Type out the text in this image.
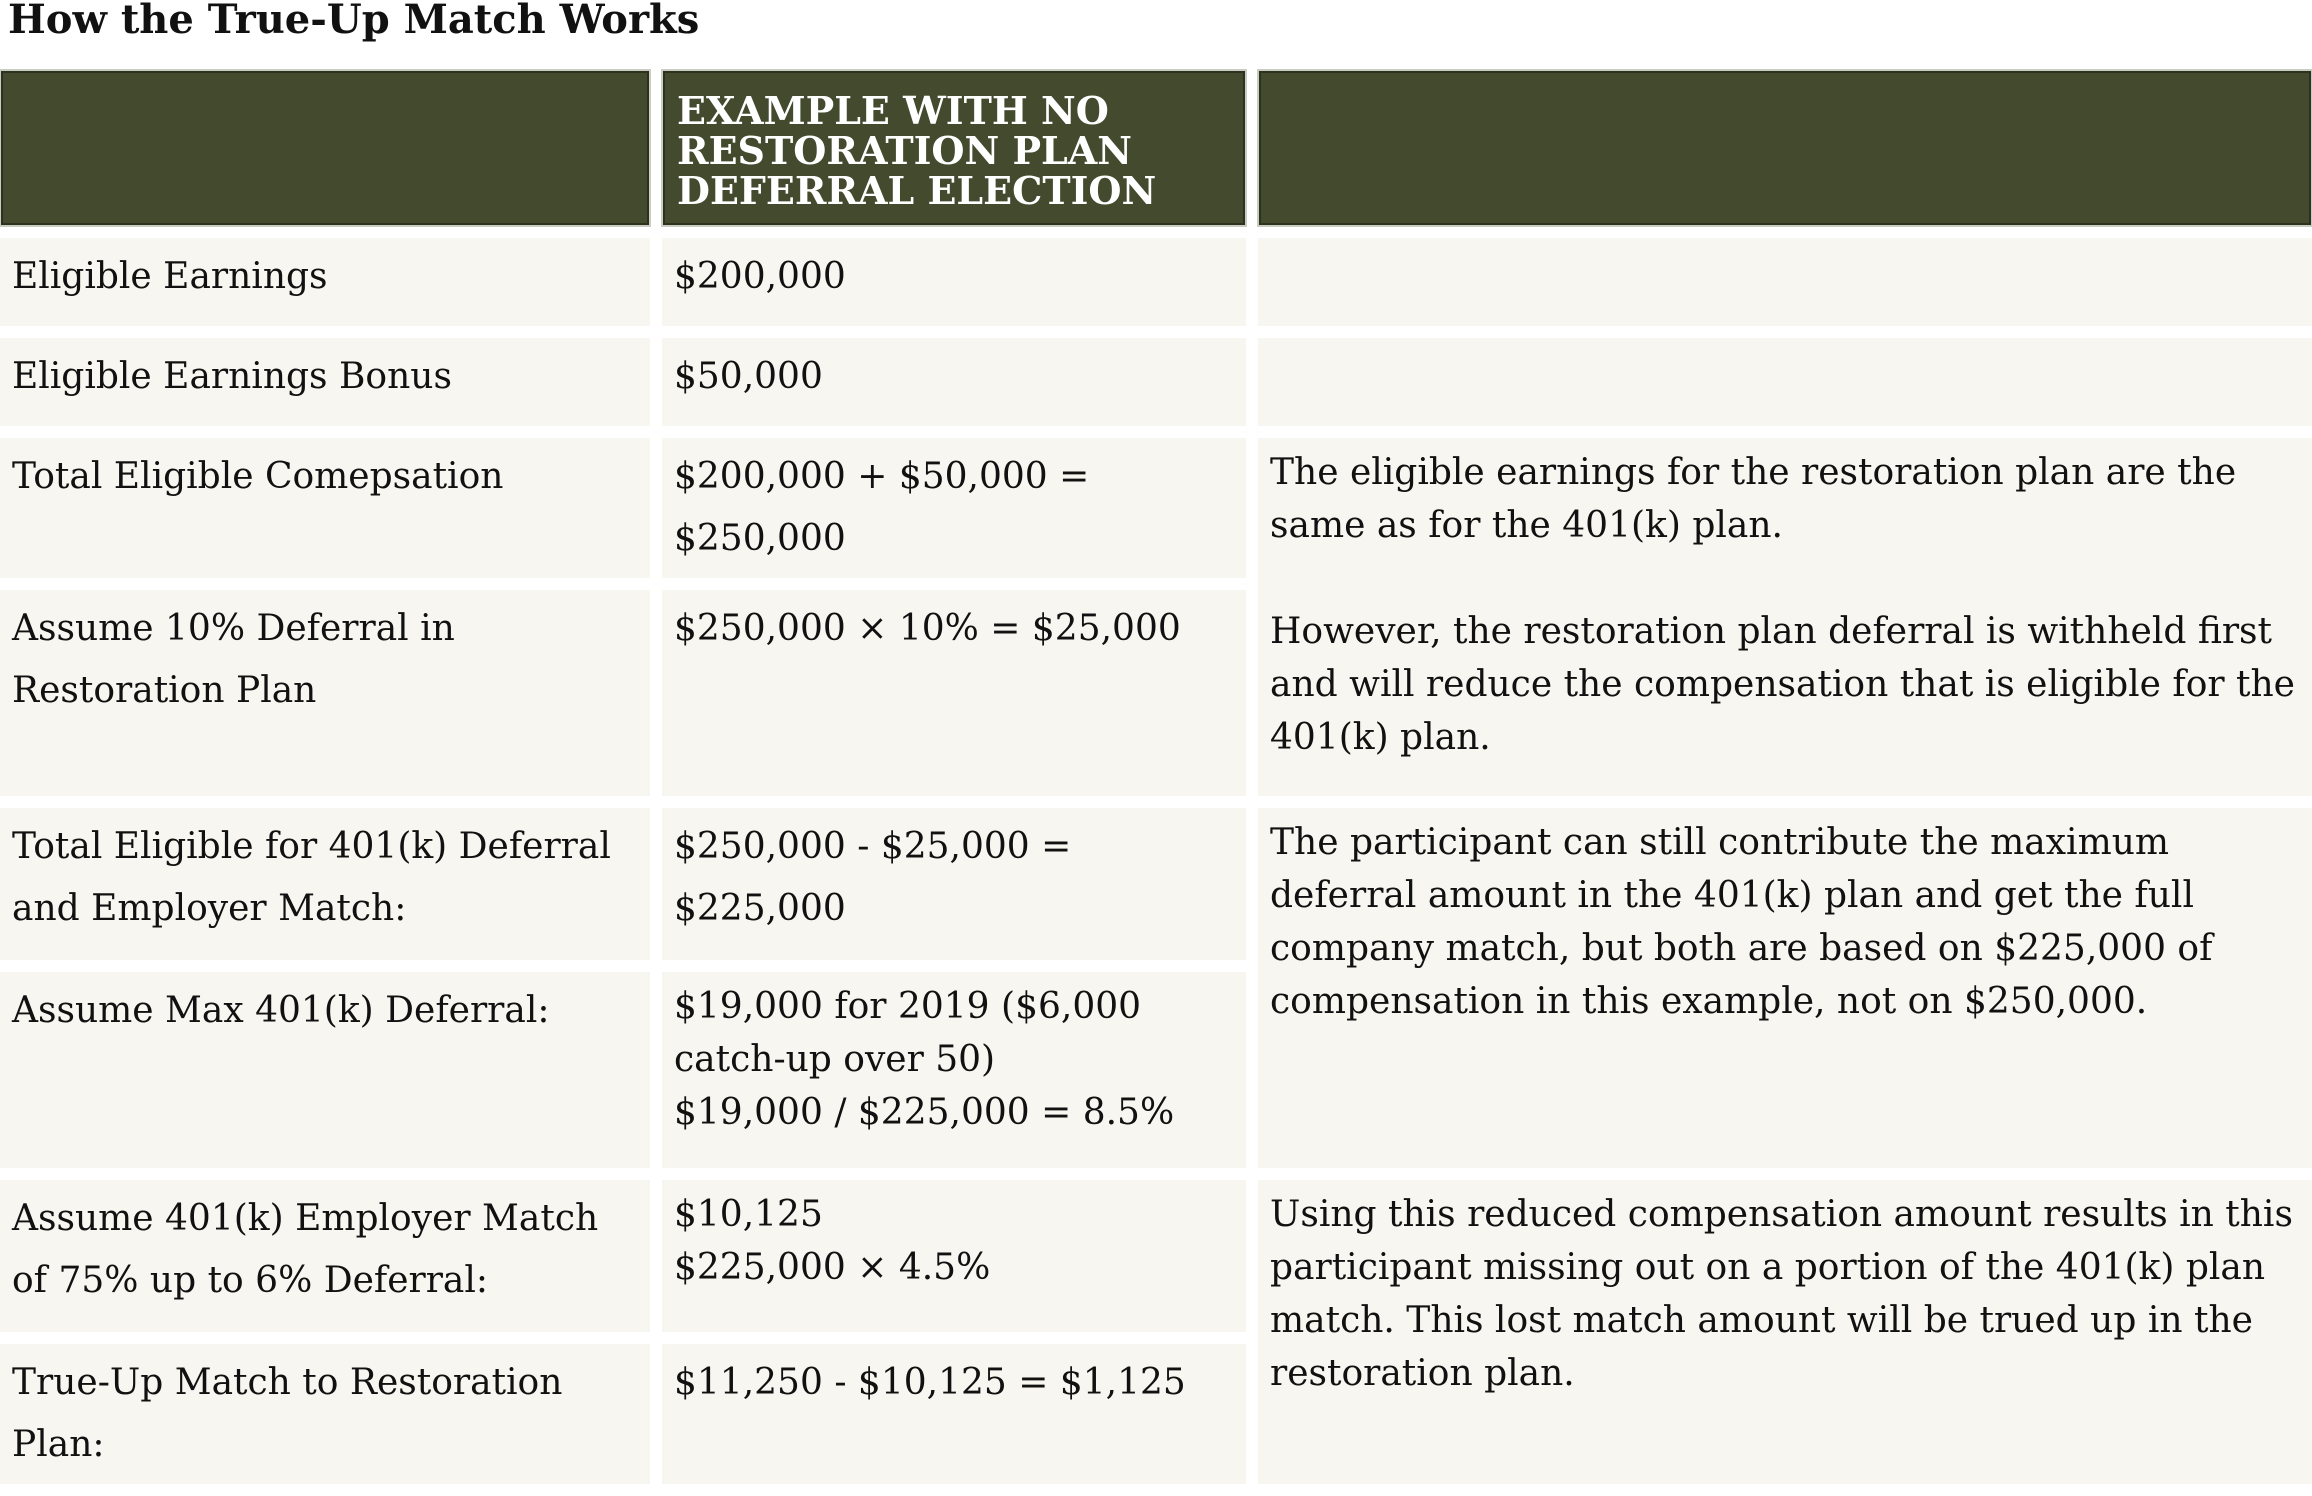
How the True-Up Match Works
	EXAMPLE WITH NO RESTORATION PLAN DEFERRAL ELECTION	
Eligible Earnings	$200,000	

Eligible Earnings Bonus	$50,000	

Total Eligible Comepsation	$200,000 + $50,000 = $250,000	The eligible earnings for the restoration plan are the same as for the 401(k) plan.
However, the restoration plan deferral is withheld first and will reduce the compensation that is eligible for the 401(k) plan.

Assume 10% Deferral in Restoration Plan	$250,000 × 10% = $25,000	

Total Eligible for 401(k) Deferral and Employer Match:	$250,000 - $25,000 = $225,000	The participant can still contribute the maximum deferral amount in the 401(k) plan and get the full company match, but both are based on $225,000 of compensation in this example, not on $250,000.
Assume Max 401(k) Deferral:	$19,000 for 2019 ($6,000 catch-up over 50)
$19,000 / $225,000 = 8.5%	

Assume 401(k) Employer Match of 75% up to 6% Deferral:	$10,125
$225,000 × 4.5%	Using this reduced compensation amount results in this participant missing out on a portion of the 401(k) plan match. This lost match amount will be trued up in the restoration plan.
True-Up Match to Restoration Plan:	$11,250 - $10,125 = $1,125	
